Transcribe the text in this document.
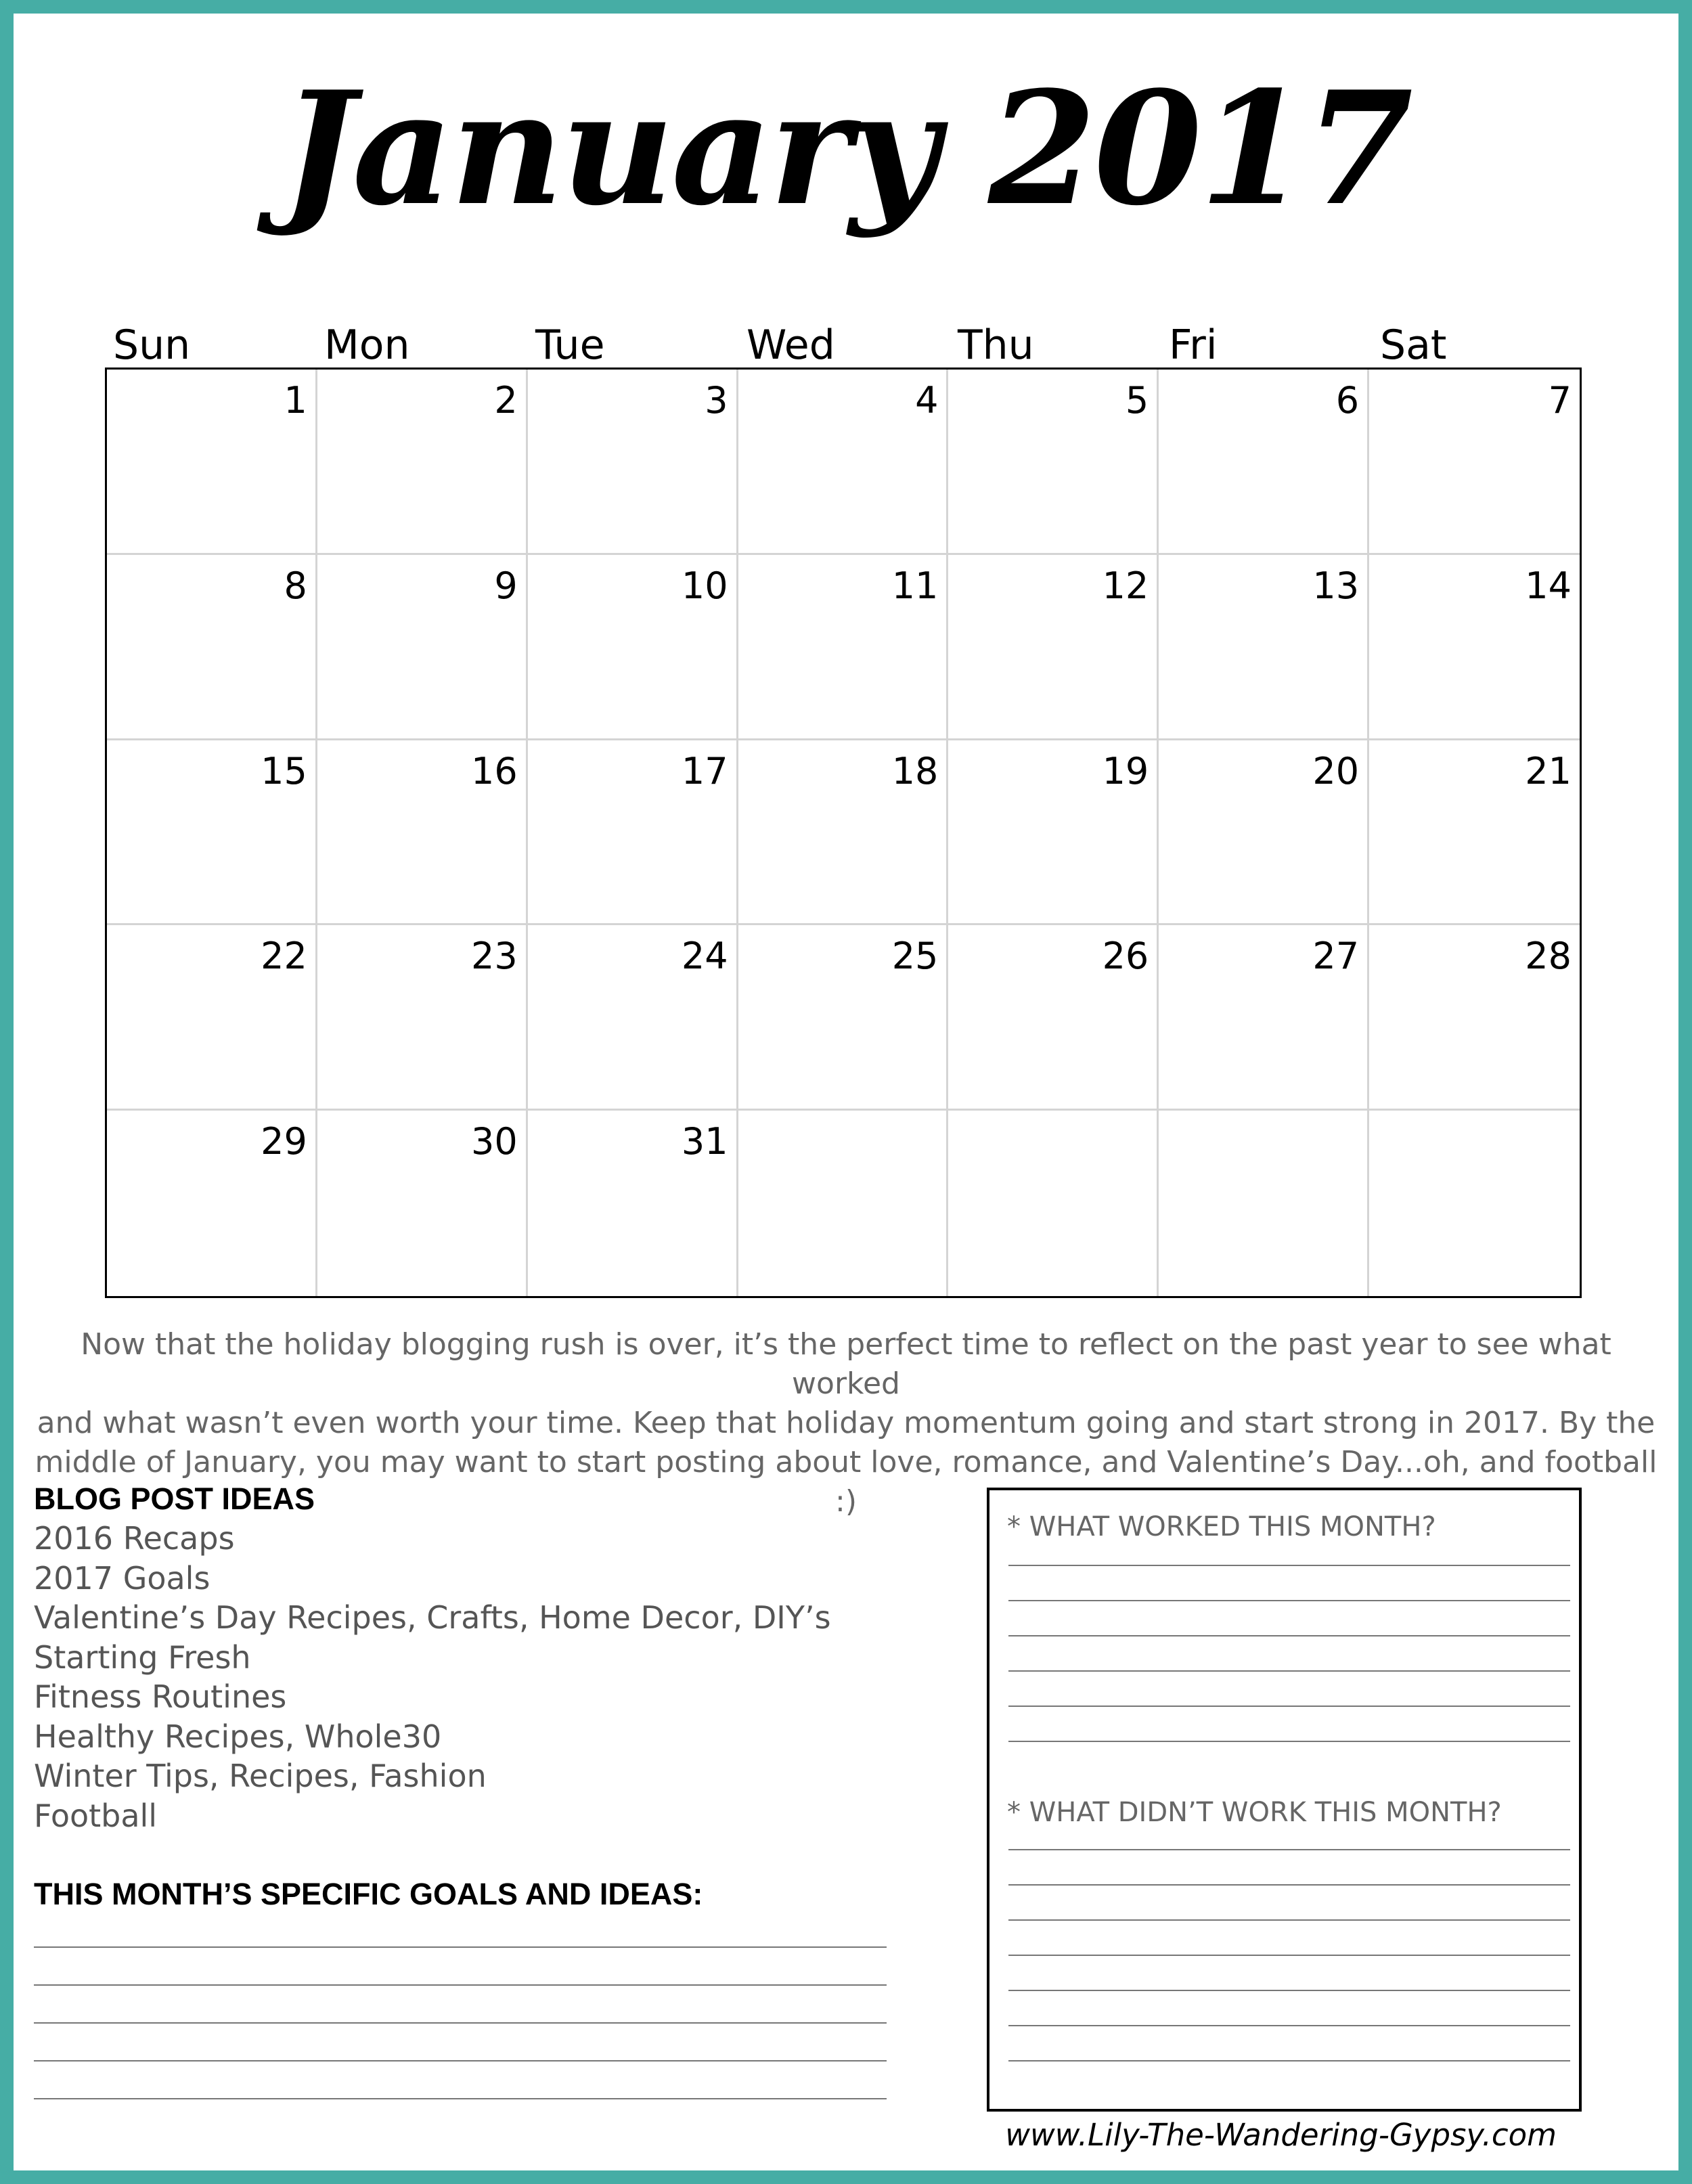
January 2017
Sun	Mon	Tue	Wed	Thu	Fri	Sat
1	2	3	4	5	6	7
8	9	10	11	12	13	14
15	16	17	18	19	20	21
22	23	24	25	26	27	28
29	30	31
Now that the holiday blogging rush is over, it’s the perfect time to reflect on the past year to see what worked
and what wasn’t even worth your time. Keep that holiday momentum going and start strong in 2017. By the
middle of January, you may want to start posting about love, romance, and Valentine’s Day...oh, and football :)
BLOG POST IDEAS
2016 Recaps
2017 Goals
Valentine’s Day Recipes, Crafts, Home Decor, DIY’s
Starting Fresh
Fitness Routines
Healthy Recipes, Whole30
Winter Tips, Recipes, Fashion
Football
THIS MONTH’S SPECIFIC GOALS AND IDEAS:
* WHAT WORKED THIS MONTH?
* WHAT DIDN’T WORK THIS MONTH?
www.Lily-The-Wandering-Gypsy.com
